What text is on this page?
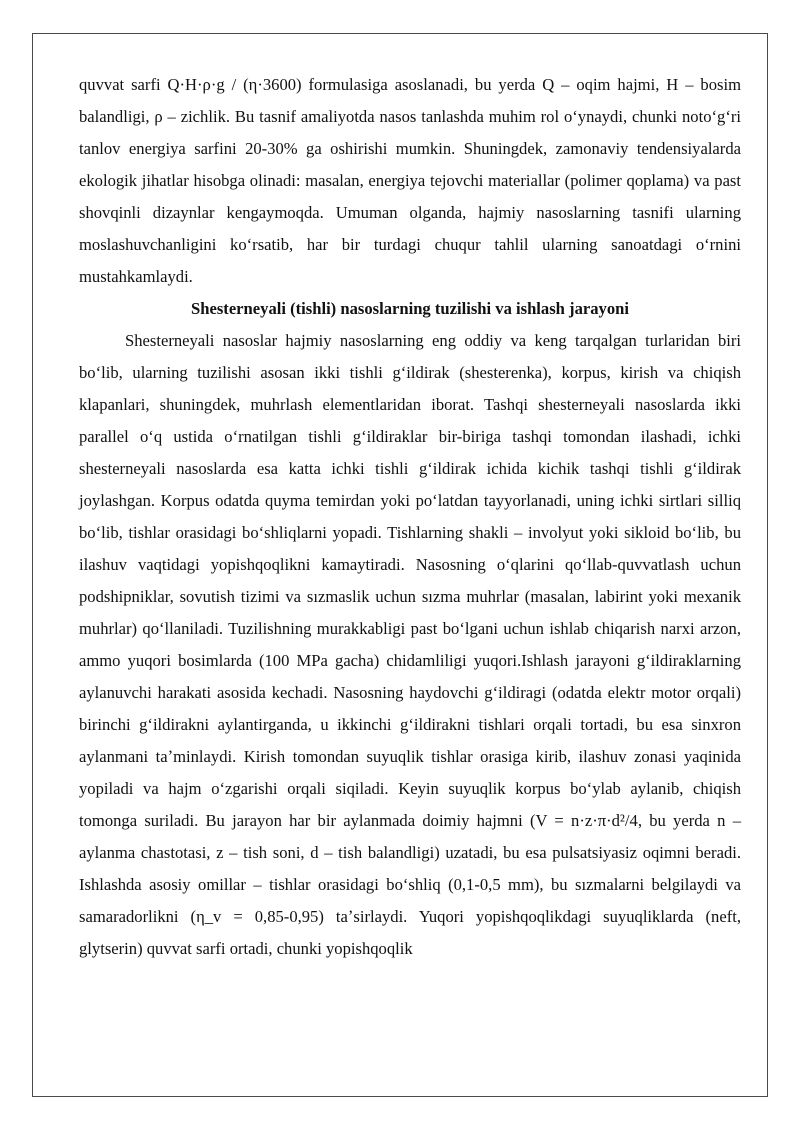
quvvat sarfi Q·H·ρ·g / (η·3600) formulasiga asoslanadi, bu yerda Q – oqim hajmi, H – bosim balandligi, ρ – zichlik. Bu tasnif amaliyotda nasos tanlashda muhim rol oʻynaydi, chunki notoʻgʻri tanlov energiya sarfini 20-30% ga oshirishi mumkin. Shuningdek, zamonaviy tendensiyalarda ekologik jihatlar hisobga olinadi: masalan, energiya tejovchi materiallar (polimer qoplama) va past shovqinli dizaynlar kengaymoqda. Umuman olganda, hajmiy nasoslarning tasnifi ularning moslashuvchanligini koʻrsatib, har bir turdagi chuqur tahlil ularning sanoatdagi oʻrnini mustahkamlaydi.

Shesterneyali (tishli) nasoslarning tuzilishi va ishlash jarayoni

Shesterneyali nasoslar hajmiy nasoslarning eng oddiy va keng tarqalgan turlaridan biri boʻlib, ularning tuzilishi asosan ikki tishli gʻildirak (shesterenka), korpus, kirish va chiqish klapanlari, shuningdek, muhrlash elementlaridan iborat. Tashqi shesterneyali nasoslarda ikki parallel oʻq ustida oʻrnatilgan tishli gʻildiraklar bir-biriga tashqi tomondan ilashadi, ichki shesterneyali nasoslarda esa katta ichki tishli gʻildirak ichida kichik tashqi tishli gʻildirak joylashgan. Korpus odatda quyma temirdan yoki poʻlatdan tayyorlanadi, uning ichki sirtlari silliq boʻlib, tishlar orasidagi boʻshliqlarni yopadi. Tishlarning shakli – involyut yoki sikloid boʻlib, bu ilashuv vaqtidagi yopishqoqlikni kamaytiradi. Nasosning oʻqlarini qoʻllab-quvvatlash uchun podshipniklar, sovutish tizimi va sızmaslik uchun sızma muhrlar (masalan, labirint yoki mexanik muhrlar) qoʻllaniladi. Tuzilishning murakkabligi past boʻlgani uchun ishlab chiqarish narxi arzon, ammo yuqori bosimlarda (100 MPa gacha) chidamliligi yuqori.Ishlash jarayoni gʻildiraklarning aylanuvchi harakati asosida kechadi. Nasosning haydovchi gʻildiragi (odatda elektr motor orqali) birinchi gʻildirakni aylantirganda, u ikkinchi gʻildirakni tishlari orqali tortadi, bu esa sinxron aylanmani taʼminlaydi. Kirish tomondan suyuqlik tishlar orasiga kirib, ilashuv zonasi yaqinida yopiladi va hajm oʻzgarishi orqali siqiladi. Keyin suyuqlik korpus boʻylab aylanib, chiqish tomonga suriladi. Bu jarayon har bir aylanmada doimiy hajmni (V = n·z·π·d²/4, bu yerda n – aylanma chastotasi, z – tish soni, d – tish balandligi) uzatadi, bu esa pulsatsiyasiz oqimni beradi. Ishlashda asosiy omillar – tishlar orasidagi boʻshliq (0,1-0,5 mm), bu sızmalarni belgilaydi va samaradorlikni (η_v = 0,85-0,95) taʼsirlaydi. Yuqori yopishqoqlikdagi suyuqliklarda (neft, glytserin) quvvat sarfi ortadi, chunki yopishqoqlik
